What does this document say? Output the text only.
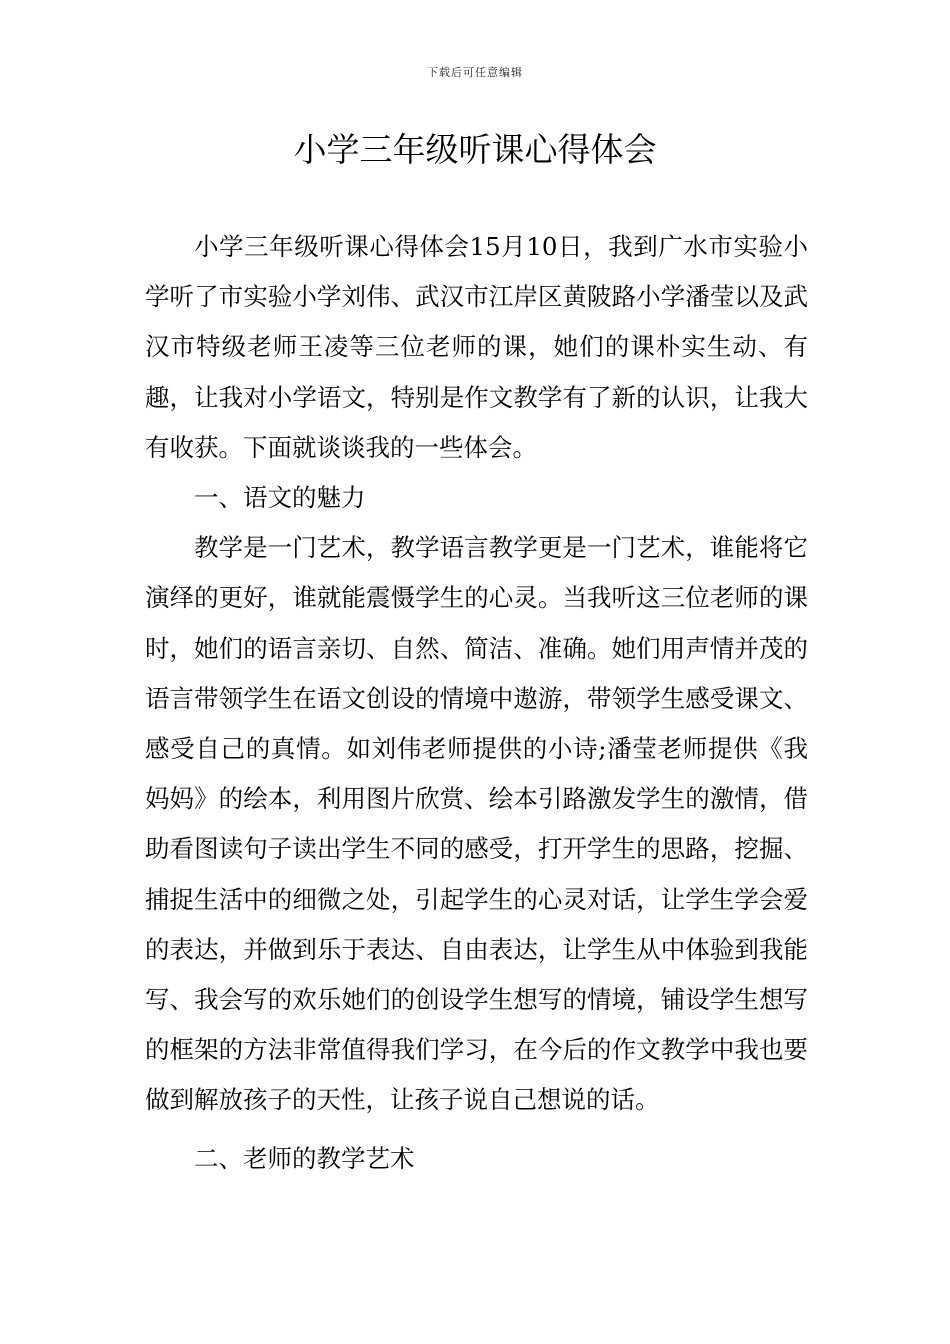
下载后可任意编辑
小学三年级听课心得体会

小学三年级听课心得体会15月10日，我到广水市实验小学听了市实验小学刘伟、武汉市江岸区黄陂路小学潘莹以及武汉市特级老师王凌等三位老师的课，她们的课朴实生动、有趣，让我对小学语文，特别是作文教学有了新的认识，让我大有收获。下面就谈谈我的一些体会。

一、语文的魅力

教学是一门艺术，教学语言教学更是一门艺术，谁能将它演绎的更好，谁就能震慑学生的心灵。当我听这三位老师的课时，她们的语言亲切、自然、简洁、准确。她们用声情并茂的语言带领学生在语文创设的情境中遨游，带领学生感受课文、感受自己的真情。如刘伟老师提供的小诗;潘莹老师提供《我妈妈》的绘本，利用图片欣赏、绘本引路激发学生的激情，借助看图读句子读出学生不同的感受，打开学生的思路，挖掘、捕捉生活中的细微之处，引起学生的心灵对话，让学生学会爱的表达，并做到乐于表达、自由表达，让学生从中体验到我能写、我会写的欢乐她们的创设学生想写的情境，铺设学生想写的框架的方法非常值得我们学习，在今后的作文教学中我也要做到解放孩子的天性，让孩子说自己想说的话。

二、老师的教学艺术
